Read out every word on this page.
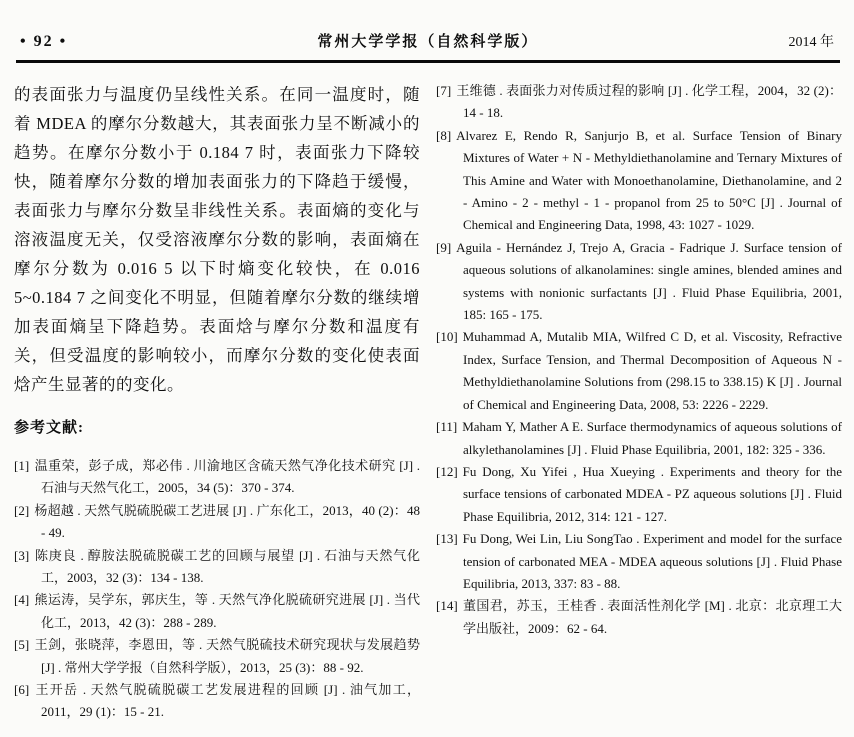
• 92 •	常州大学学报（自然科学版）	2014 年
的表面张力与温度仍呈线性关系。在同一温度时，随着 MDEA 的摩尔分数越大，其表面张力呈不断减小的趋势。在摩尔分数小于 0.184 7 时，表面张力下降较快，随着摩尔分数的增加表面张力的下降趋于缓慢，表面张力与摩尔分数呈非线性关系。表面熵的变化与溶液温度无关，仅受溶液摩尔分数的影响，表面熵在摩尔分数为 0.016 5 以下时熵变化较快，在 0.016 5~0.184 7 之间变化不明显，但随着摩尔分数的继续增加表面熵呈下降趋势。表面焓与摩尔分数和温度有关，但受温度的影响较小，而摩尔分数的变化使表面焓产生显著的的变化。
参考文献:
[1] 温重荣，彭子成，郑必伟 . 川渝地区含硫天然气净化技术研究 [J] . 石油与天然气化工，2005，34 (5)：370 - 374.
[2] 杨超越 . 天然气脱硫脱碳工艺进展 [J] . 广东化工，2013，40 (2)：48 - 49.
[3] 陈庚良 . 醇胺法脱硫脱碳工艺的回顾与展望 [J] . 石油与天然气化工，2003，32 (3)：134 - 138.
[4] 熊运涛，吴学东，郭庆生，等 . 天然气净化脱硫研究进展 [J] . 当代化工，2013，42 (3)：288 - 289.
[5] 王剑，张晓萍，李恩田，等 . 天然气脱硫技术研究现状与发展趋势 [J] . 常州大学学报（自然科学版），2013，25 (3)：88 - 92.
[6] 王开岳 . 天然气脱硫脱碳工艺发展进程的回顾 [J] . 油气加工，2011，29 (1)：15 - 21.
[7] 王维德 . 表面张力对传质过程的影响 [J] . 化学工程，2004，32 (2)：14 - 18.
[8] Alvarez E, Rendo R, Sanjurjo B, et al. Surface Tension of Binary Mixtures of Water + N - Methyldiethanolamine and Ternary Mixtures of This Amine and Water with Monoethanolamine, Diethanolamine, and 2 - Amino - 2 - methyl - 1 - propanol from 25 to 50°C [J] . Journal of Chemical and Engineering Data, 1998, 43: 1027 - 1029.
[9] Aguila - Hernández J, Trejo A, Gracia - Fadrique J. Surface tension of aqueous solutions of alkanolamines: single amines, blended amines and systems with nonionic surfactants [J] . Fluid Phase Equilibria, 2001, 185: 165 - 175.
[10] Muhammad A, Mutalib MIA, Wilfred C D, et al. Viscosity, Refractive Index, Surface Tension, and Thermal Decomposition of Aqueous N - Methyldiethanolamine Solutions from (298.15 to 338.15) K [J] . Journal of Chemical and Engineering Data, 2008, 53: 2226 - 2229.
[11] Maham Y, Mather A E. Surface thermodynamics of aqueous solutions of alkylethanolamines [J] . Fluid Phase Equilibria, 2001, 182: 325 - 336.
[12] Fu Dong, Xu Yifei , Hua Xueying . Experiments and theory for the surface tensions of carbonated MDEA - PZ aqueous solutions [J] . Fluid Phase Equilibria, 2012, 314: 121 - 127.
[13] Fu Dong, Wei Lin, Liu SongTao . Experiment and model for the surface tension of carbonated MEA - MDEA aqueous solutions [J] . Fluid Phase Equilibria, 2013, 337: 83 - 88.
[14] 董国君，苏玉，王桂香 . 表面活性剂化学 [M] . 北京：北京理工大学出版社，2009：62 - 64.
